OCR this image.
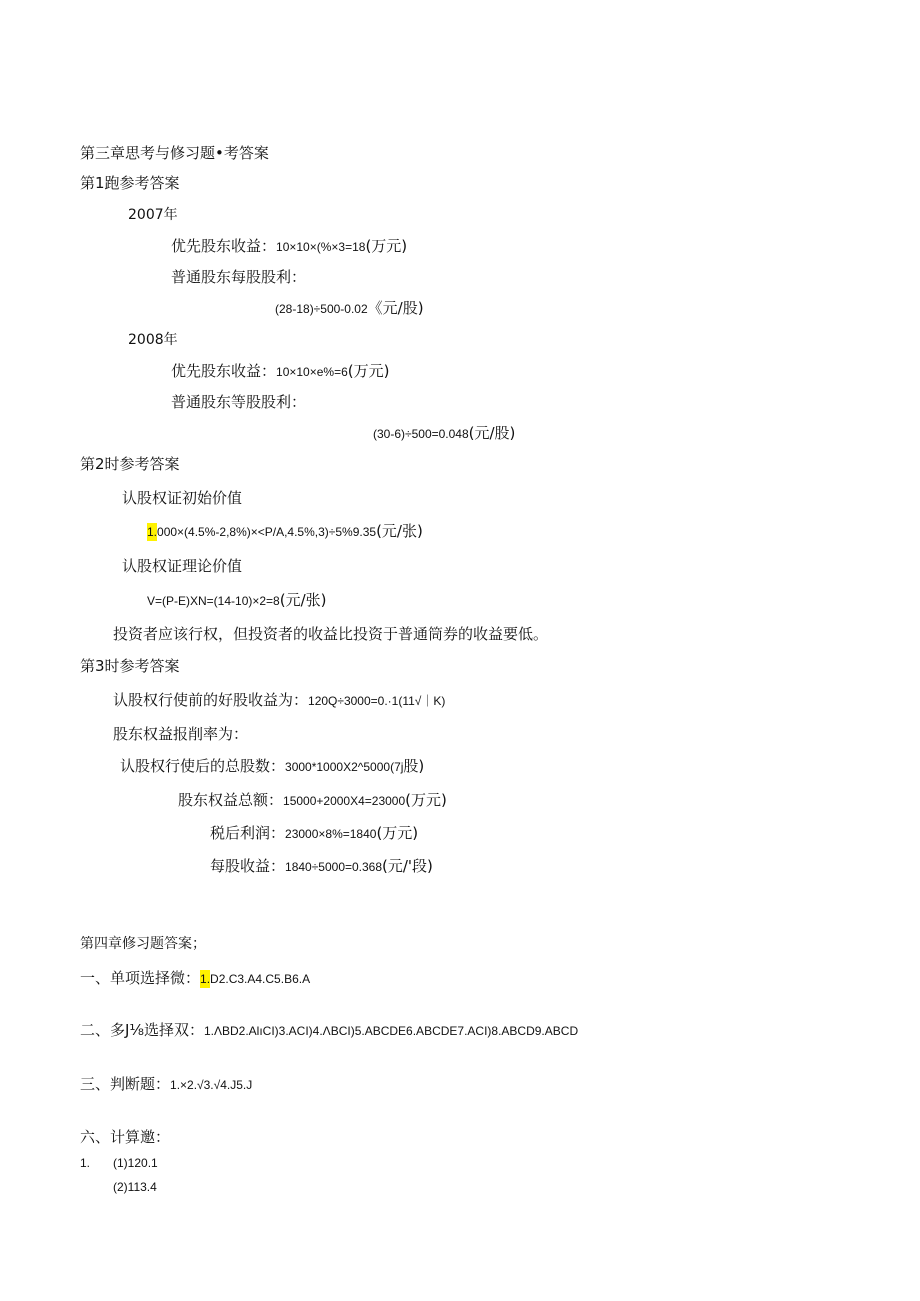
第三章思考与修习题•考答案
第1跑参考答案
2007年
优先股东收益：10×10×(%×3=18(万元)
普通股东每股股利：
(28-18)÷500-0.02《元/股)
2008年
优先股东收益：10×10×e%=6(万元)
普通股东等股股利：
(30-6)÷500=0.048(元/股)
第2时参考答案
认股权证初始价值
1.000×(4.5%-2,8%)×<P/A,4.5%,3)÷5%9.35(元/张)
认股权证理论价值
V=(P-E)XN=(14-10)×2=8(元/张)
投资者应该行权，但投资者的收益比投资于普通筒券的收益要低。
第3时参考答案
认股权行使前的好股收益为：120Q÷3000=0.·1(11√｜K)
股东权益报削率为：
认股权行使后的总股数：3000*1000X2^5000(7j股)
股东权益总额：15000+2000X4=23000(万元)
税后利润：23000×8%=1840(万元)
每股收益：1840÷5000=0.368(元/'段)
第四章修习题答案；
一、单项选择微：1.D2.C3.A4.C5.B6.A
二、多J⅛选择双：1.ΛBD2.AlıCI)3.ACI)4.ΛBCI)5.ABCDE6.ABCDE7.ACI)8.ABCD9.ABCD
三、判断题：1.×2.√3.√4.J5.J
六、计算邀：
1. (1)120.1
(2)113.4
